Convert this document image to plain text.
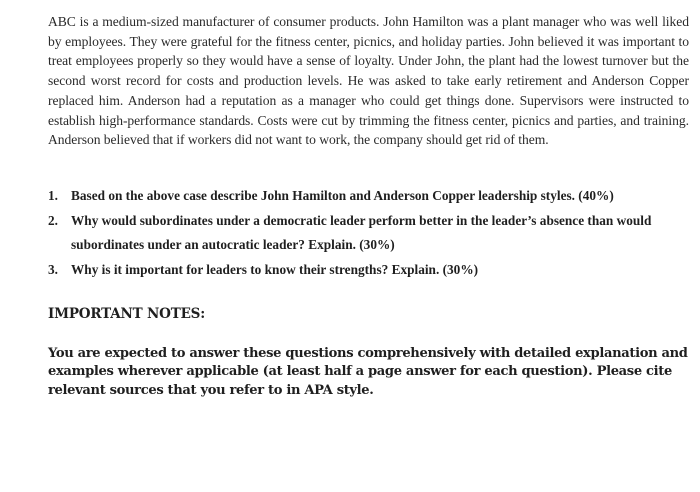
ABC is a medium-sized manufacturer of consumer products. John Hamilton was a plant manager who was well liked by employees. They were grateful for the fitness center, picnics, and holiday parties. John believed it was important to treat employees properly so they would have a sense of loyalty. Under John, the plant had the lowest turnover but the second worst record for costs and production levels. He was asked to take early retirement and Anderson Copper replaced him. Anderson had a reputation as a manager who could get things done. Supervisors were instructed to establish high-performance standards. Costs were cut by trimming the fitness center, picnics and parties, and training. Anderson believed that if workers did not want to work, the company should get rid of them.

1. Based on the above case describe John Hamilton and Anderson Copper leadership styles. (40%)
2. Why would subordinates under a democratic leader perform better in the leader’s absence than would subordinates under an autocratic leader? Explain. (30%)
3. Why is it important for leaders to know their strengths? Explain. (30%)
IMPORTANT NOTES:

You are expected to answer these questions comprehensively with detailed explanation and examples wherever applicable (at least half a page answer for each question). Please cite relevant sources that you refer to in APA style.
